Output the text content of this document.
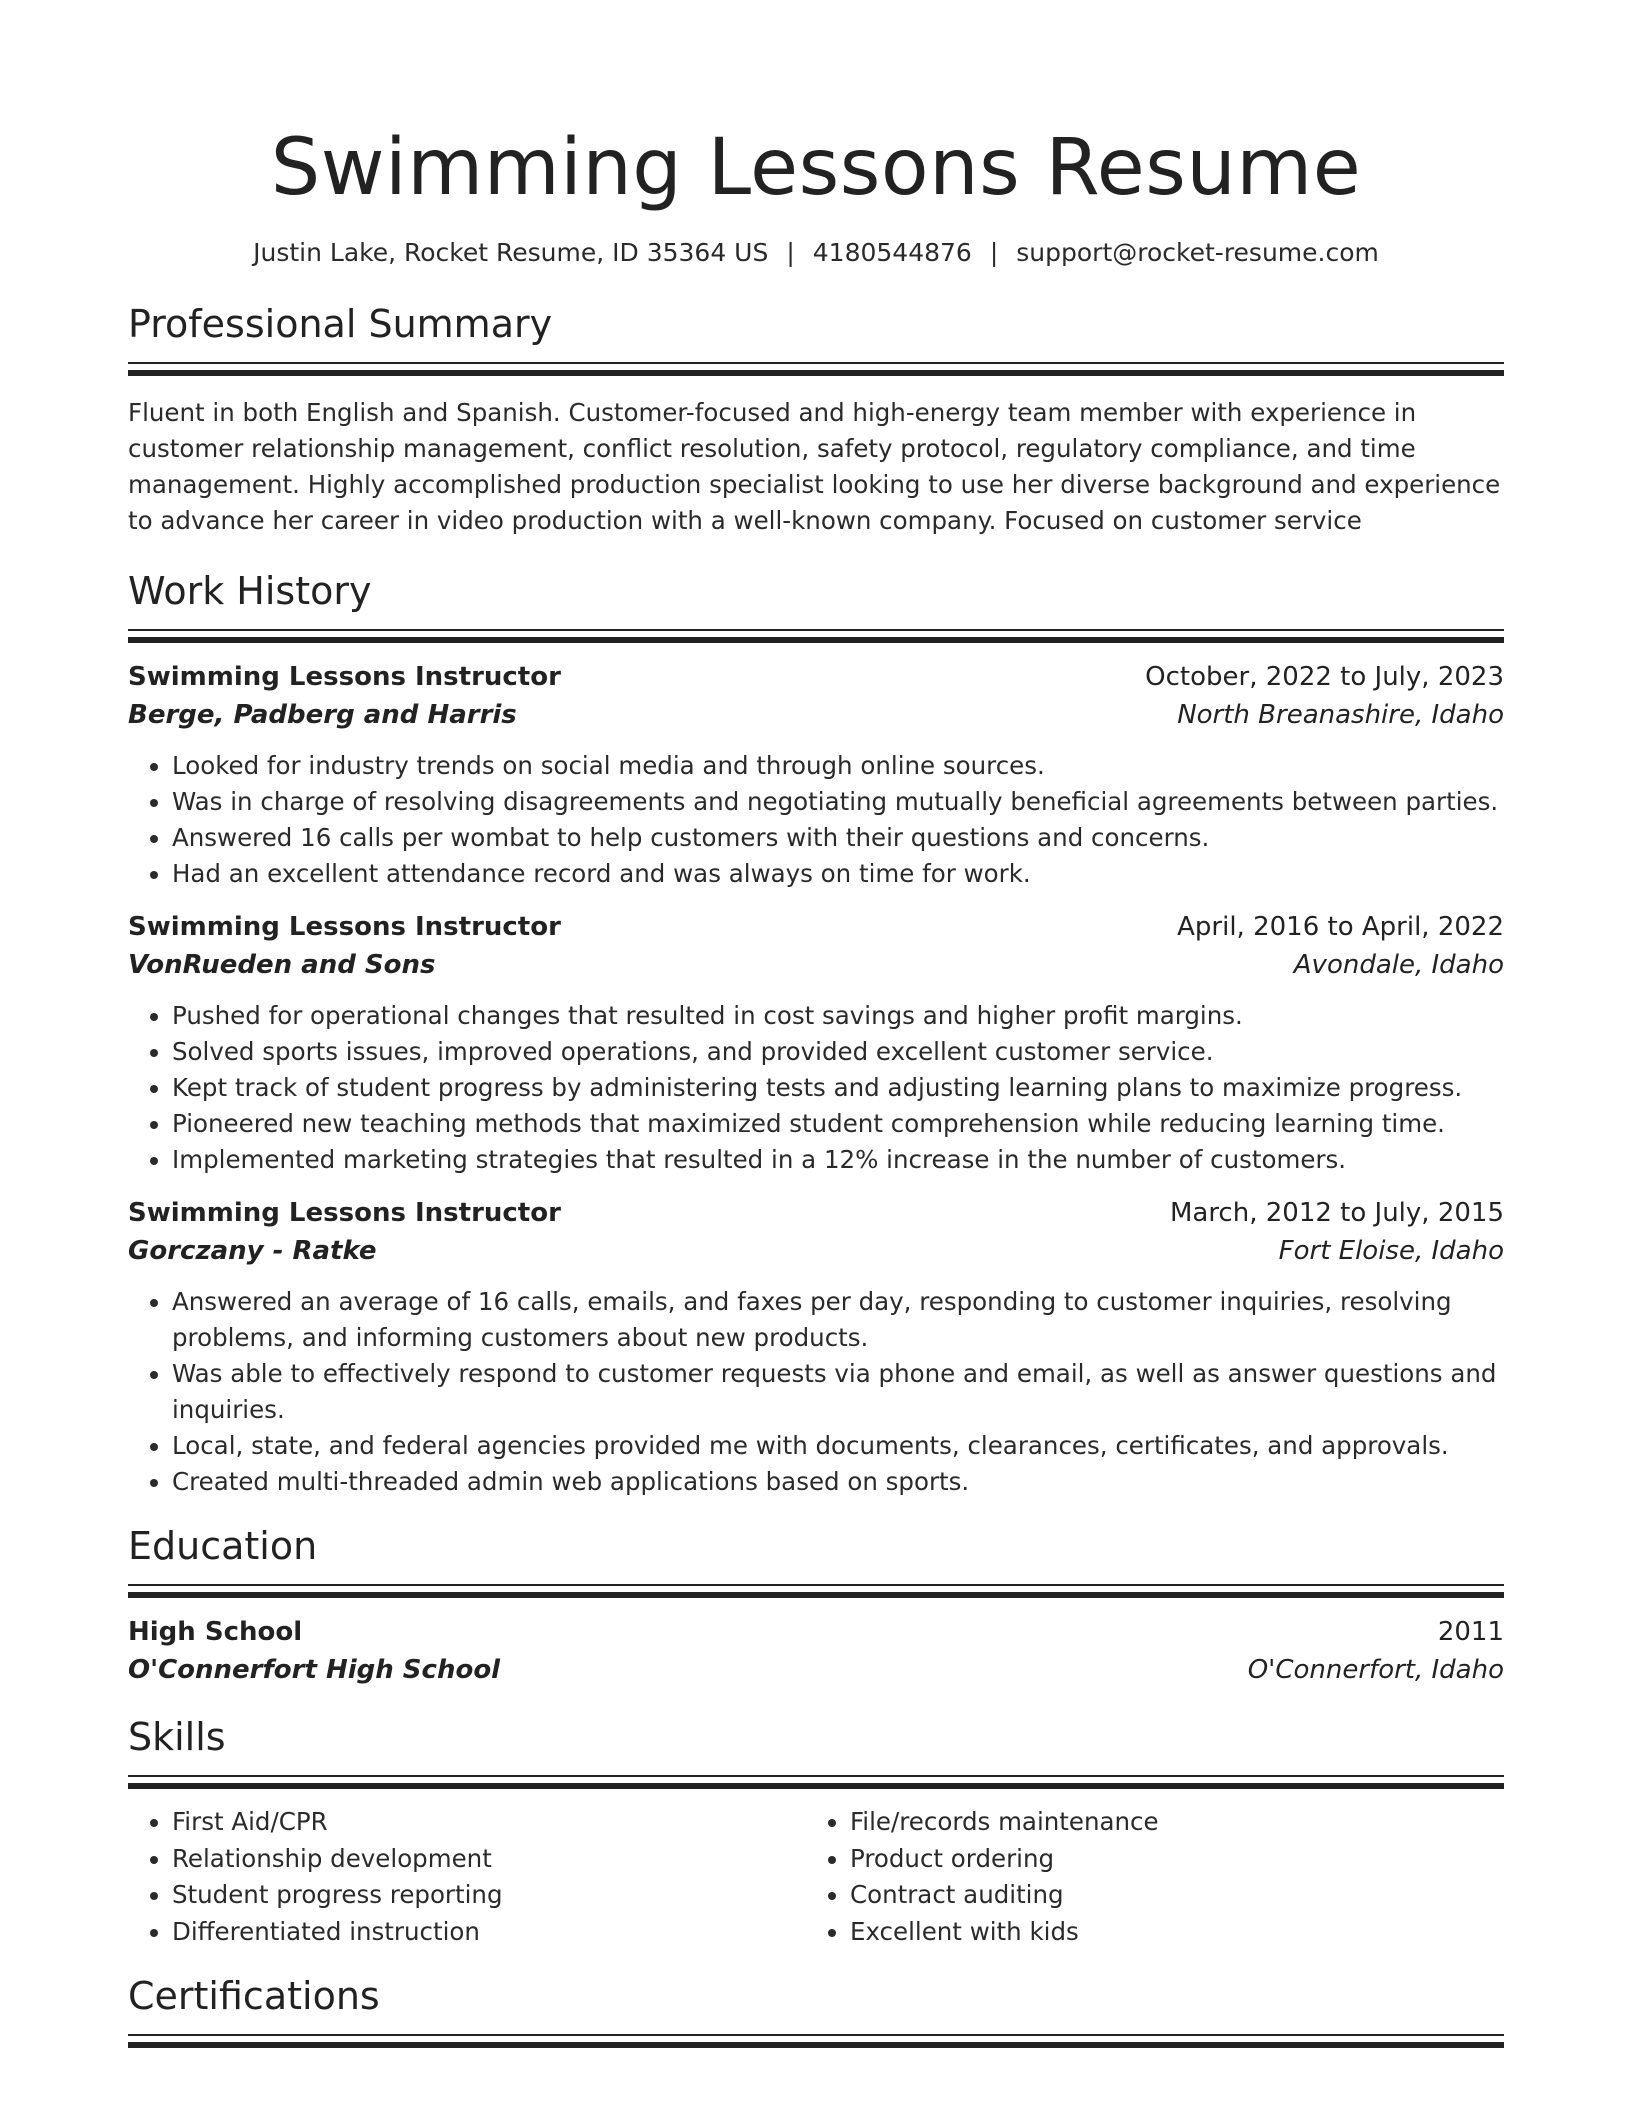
Swimming Lessons Resume
Justin Lake, Rocket Resume, ID 35364 US | 4180544876 | support@rocket-resume.com
Professional Summary

Fluent in both English and Spanish. Customer-focused and high-energy team member with experience in customer relationship management, conflict resolution, safety protocol, regulatory compliance, and time management. Highly accomplished production specialist looking to use her diverse background and experience to advance her career in video production with a well-known company. Focused on customer service

Work History
Swimming Lessons Instructor	October, 2022 to July, 2023
Berge, Padberg and Harris	North Breanashire, Idaho
• Looked for industry trends on social media and through online sources.
• Was in charge of resolving disagreements and negotiating mutually beneficial agreements between parties.
• Answered 16 calls per wombat to help customers with their questions and concerns.
• Had an excellent attendance record and was always on time for work.
Swimming Lessons Instructor	April, 2016 to April, 2022
VonRueden and Sons	Avondale, Idaho
• Pushed for operational changes that resulted in cost savings and higher profit margins.
• Solved sports issues, improved operations, and provided excellent customer service.
• Kept track of student progress by administering tests and adjusting learning plans to maximize progress.
• Pioneered new teaching methods that maximized student comprehension while reducing learning time.
• Implemented marketing strategies that resulted in a 12% increase in the number of customers.
Swimming Lessons Instructor	March, 2012 to July, 2015
Gorczany - Ratke	Fort Eloise, Idaho
• Answered an average of 16 calls, emails, and faxes per day, responding to customer inquiries, resolving problems, and informing customers about new products.
• Was able to effectively respond to customer requests via phone and email, as well as answer questions and inquiries.
• Local, state, and federal agencies provided me with documents, clearances, certificates, and approvals.
• Created multi-threaded admin web applications based on sports.
Education
High School	2011
O'Connerfort High School	O'Connerfort, Idaho
Skills
• First Aid/CPR
• Relationship development
• Student progress reporting
• Differentiated instruction
• File/records maintenance
• Product ordering
• Contract auditing
• Excellent with kids
Certifications
